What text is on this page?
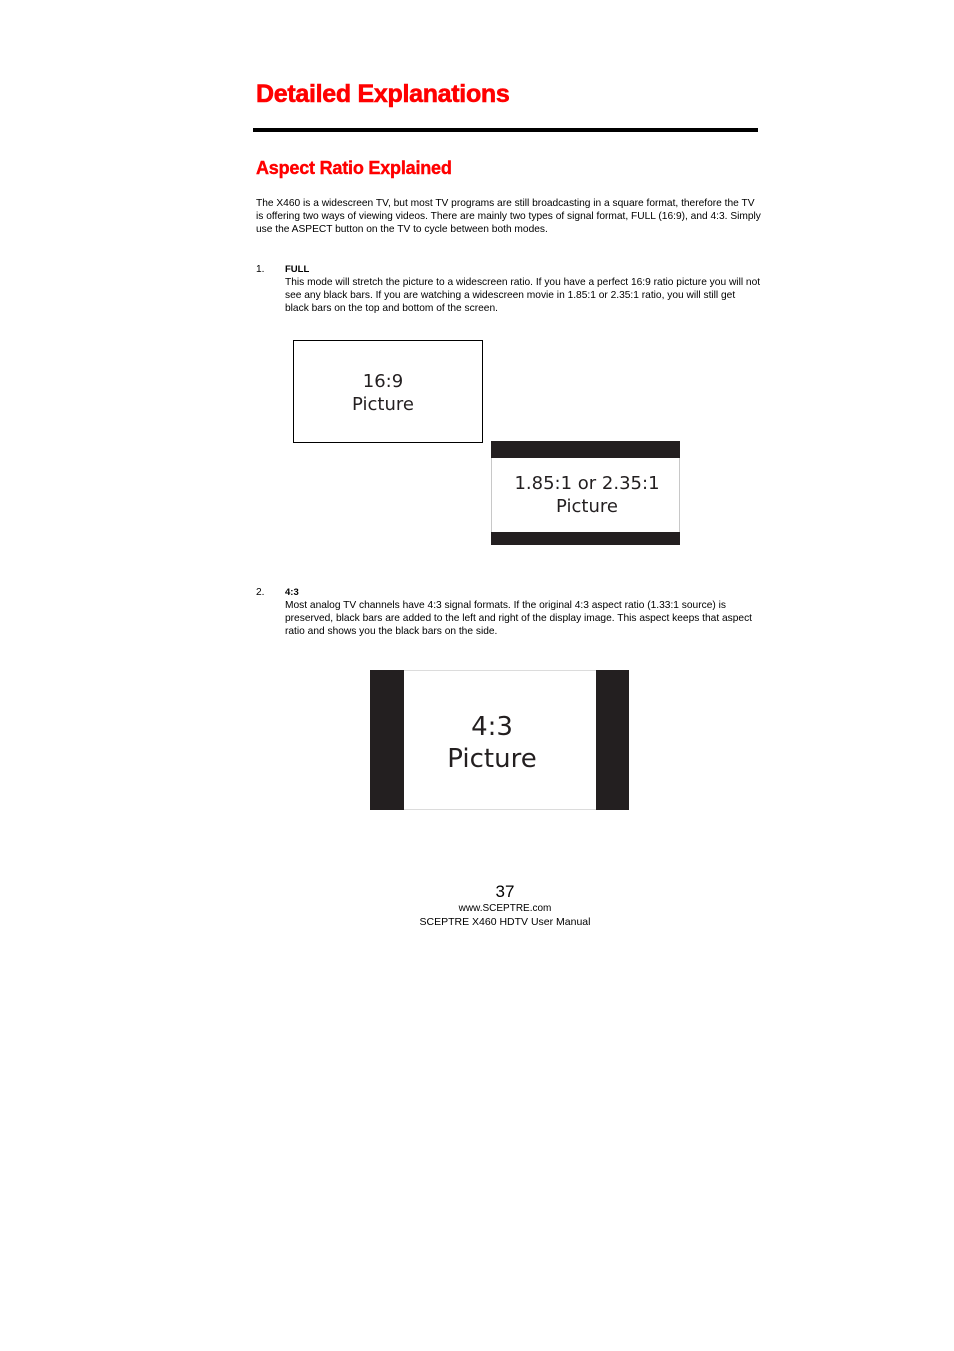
Detailed Explanations
Aspect Ratio Explained

The X460 is a widescreen TV, but most TV programs are still broadcasting in a square format, therefore the TV is offering two ways of viewing videos. There are mainly two types of signal format, FULL (16:9), and 4:3. Simply use the ASPECT button on the TV to cycle between both modes.

1. FULL
This mode will stretch the picture to a widescreen ratio. If you have a perfect 16:9 ratio picture you will not see any black bars. If you are watching a widescreen movie in 1.85:1 or 2.35:1 ratio, you will still get black bars on the top and bottom of the screen.
16:9
Picture
1.85:1 or 2.35:1
Picture
2. 4:3
Most analog TV channels have 4:3 signal formats. If the original 4:3 aspect ratio (1.33:1 source) is preserved, black bars are added to the left and right of the display image. This aspect keeps that aspect ratio and shows you the black bars on the side.
4:3
Picture
37
www.SCEPTRE.com
SCEPTRE X460 HDTV User Manual
